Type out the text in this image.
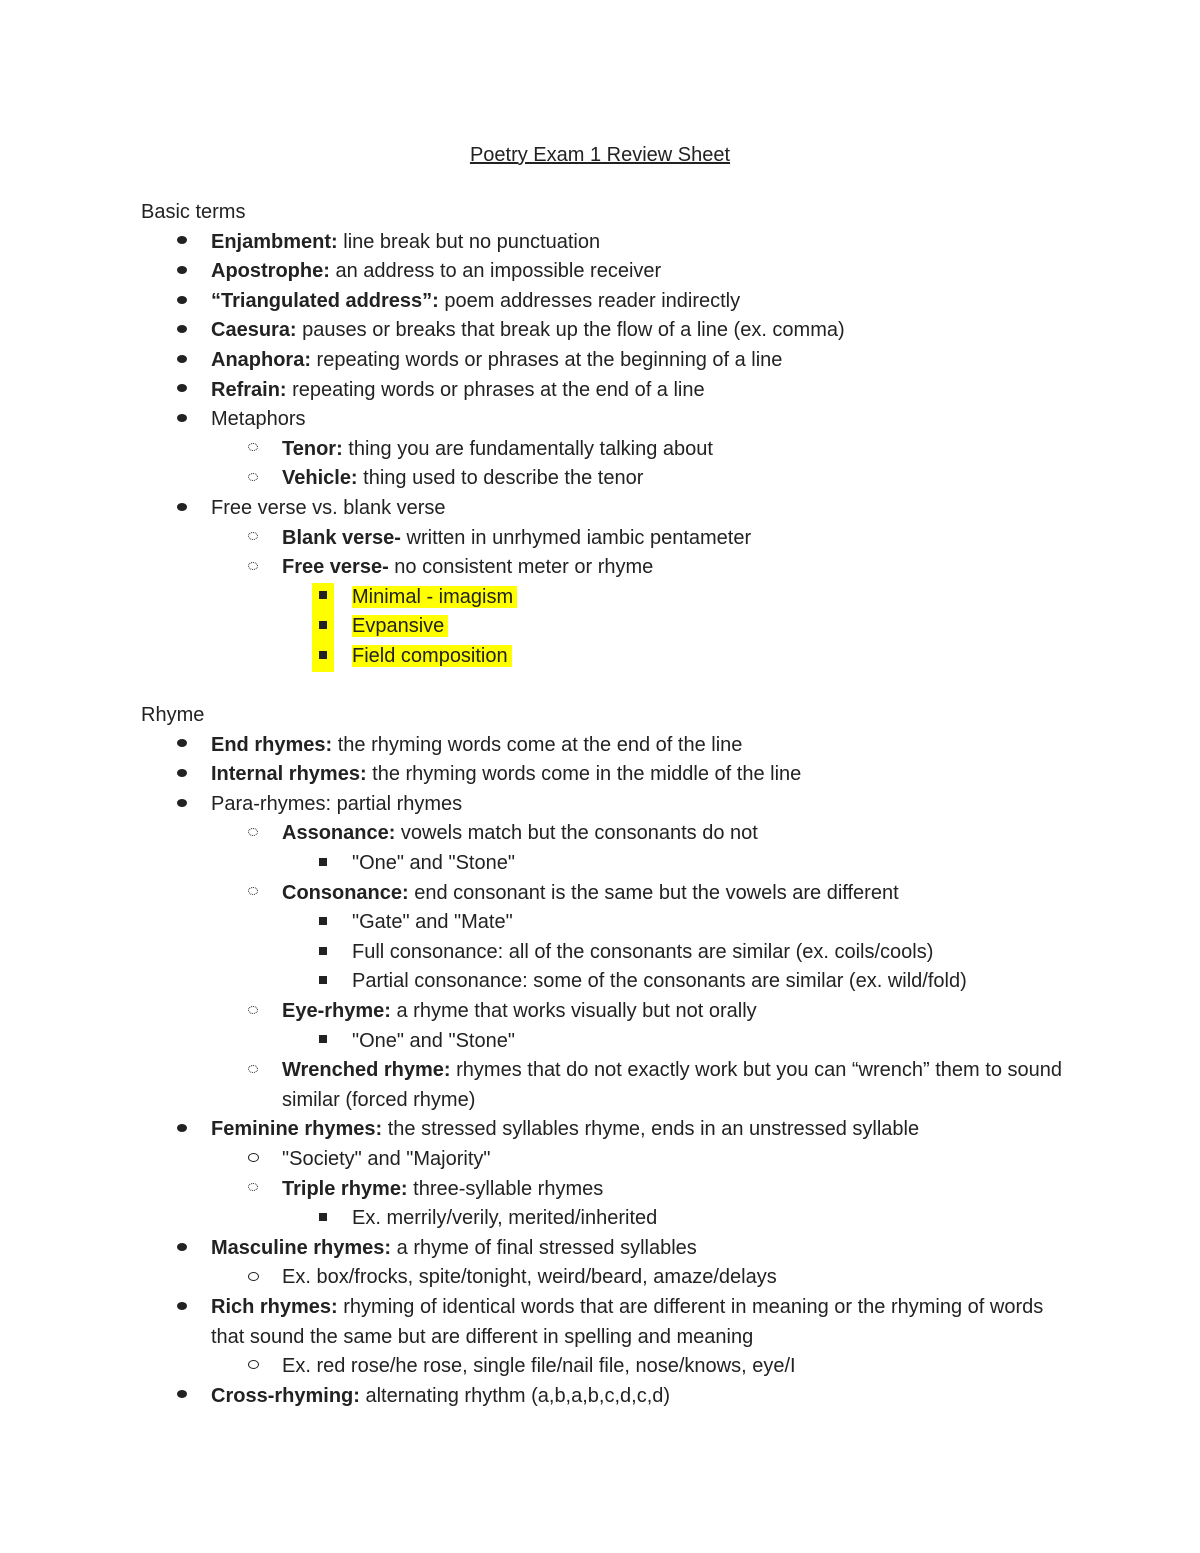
Poetry Exam 1 Review Sheet
Basic terms
Enjambment: line break but no punctuation
Apostrophe: an address to an impossible receiver
“Triangulated address”: poem addresses reader indirectly
Caesura: pauses or breaks that break up the flow of a line (ex. comma)
Anaphora: repeating words or phrases at the beginning of a line
Refrain: repeating words or phrases at the end of a line
Metaphors
Tenor: thing you are fundamentally talking about
Vehicle: thing used to describe the tenor
Free verse vs. blank verse
Blank verse- written in unrhymed iambic pentameter
Free verse- no consistent meter or rhyme
Minimal - imagism
Evpansive
Field composition
Rhyme
End rhymes: the rhyming words come at the end of the line
Internal rhymes: the rhyming words come in the middle of the line
Para-rhymes: partial rhymes
Assonance: vowels match but the consonants do not
"One" and "Stone"
Consonance: end consonant is the same but the vowels are different
"Gate" and "Mate"
Full consonance: all of the consonants are similar (ex. coils/cools)
Partial consonance: some of the consonants are similar (ex. wild/fold)
Eye-rhyme: a rhyme that works visually but not orally
"One" and "Stone"
Wrenched rhyme: rhymes that do not exactly work but you can “wrench” them to sound similar (forced rhyme)
Feminine rhymes: the stressed syllables rhyme, ends in an unstressed syllable
"Society" and "Majority"
Triple rhyme: three-syllable rhymes
Ex. merrily/verily, merited/inherited
Masculine rhymes: a rhyme of final stressed syllables
Ex. box/frocks, spite/tonight, weird/beard, amaze/delays
Rich rhymes: rhyming of identical words that are different in meaning or the rhyming of words that sound the same but are different in spelling and meaning
Ex. red rose/he rose, single file/nail file, nose/knows, eye/I
Cross-rhyming: alternating rhythm (a,b,a,b,c,d,c,d)
